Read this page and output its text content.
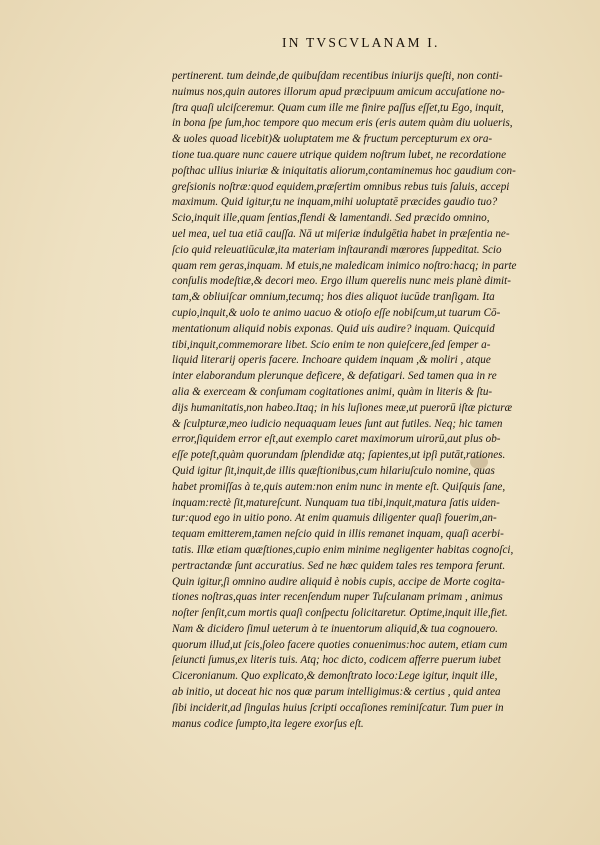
IN TVSCVLANAM I.
pertinerent. tum deinde,de quibuſdam recentibus iniurijs queſti, non conti-
nuimus nos,quin autores illorum apud præcipuum amicum accuſatione no-
ſtra quaſi ulciſceremur. Quam cum ille me finire paſſus eſſet,tu Ego, inquit,
in bona ſpe ſum,hoc tempore quo mecum eris (eris autem quàm diu uolueris,
& uoles quoad licebit)& uoluptatem me & fructum percepturum ex ora-
tione tua.quare nunc cauere utrique quidem noſtrum lubet, ne recordatione
poſthac ullius iniuriæ & iniquitatis aliorum,contaminemus hoc gaudium con-
greſsionis noſtræ:quod equidem,præſertim omnibus rebus tuis ſaluis, accepi
maximum. Quid igitur,tu ne inquam,mihi uoluptatē præcides gaudio tuo?
Scio,inquit ille,quam ſentias,flendi & lamentandi. Sed præcido omnino,
uel mea, uel tua etiā cauſſa. Nā ut miſeriæ indulgētia habet in præſentia ne-
ſcio quid releuatiūculæ,ita materiam inſtaurandi mœrores ſuppeditat. Scio
quam rem geras,inquam. M etuis,ne maledicam inimico noſtro:hacq; in parte
conſulis modeſtiæ,& decori meo. Ergo illum querelis nunc meis planè dimit-
tam,& obliuiſcar omnium,tecumq; hos dies aliquot iucūde tranſigam. Ita
cupio,inquit,& uolo te animo uacuo & otioſo eſſe nobiſcum,ut tuarum Cō-
mentationum aliquid nobis exponas. Quid uis audire? inquam. Quicquid
tibi,inquit,commemorare libet. Scio enim te non quieſcere,ſed ſemper a-
liquid literarij operis facere. Inchoare quidem inquam ,& moliri , atque
inter elaborandum plerunque deficere, & defatigari. Sed tamen qua in re
alia & exerceam & conſumam cogitationes animi, quàm in literis & ſtu-
dijs humanitatis,non habeo.Itaq; in his luſiones meæ,ut puerorū iſtæ picturæ
& ſculpturæ,meo iudicio nequaquam leues ſunt aut futiles. Neq; hic tamen
error,ſiquidem error eſt,aut exemplo caret maximorum uirorū,aut plus ob-
eſſe poteſt,quàm quorundam ſplendidæ atq; ſapientes,ut ipſi putāt,rationes.
Quid igitur ſit,inquit,de illis quæſtionibus,cum hilariuſculo nomine, quas
habet promiſſas à te,quis autem:non enim nunc in mente eſt. Quiſquis ſane,
inquam:rectè ſit,matureſcunt. Nunquam tua tibi,inquit,matura ſatis uiden-
tur:quod ego in uitio pono. At enim quamuis diligenter quaſi fouerim,an-
tequam emitterem,tamen neſcio quid in illis remanet inquam, quaſi acerbi-
tatis. Illæ etiam quæſtiones,cupio enim minime negligenter habitas cognoſci,
pertractandæ ſunt accuratius. Sed ne hæc quidem tales res tempora ferunt.
Quin igitur,ſi omnino audire aliquid è nobis cupis, accipe de Morte cogita-
tiones noſtras,quas inter recenſendum nuper Tuſculanam primam , animus
noſter ſenſit,cum mortis quaſi conſpectu ſolicitaretur. Optime,inquit ille,fiet.
Nam & dicidero ſimul ueterum à te inuentorum aliquid,& tua cognouero.
quorum illud,ut ſcis,ſoleo facere quoties conuenimus:hoc autem, etiam cum
ſeiuncti ſumus,ex literis tuis. Atq; hoc dicto, codicem afferre puerum iubet
Ciceronianum. Quo explicato,& demonſtrato loco:Lege igitur, inquit ille,
ab initio, ut doceat hic nos quæ parum intelligimus:& certius , quid antea
ſibi inciderit,ad ſingulas huius ſcripti occaſiones reminiſcatur. Tum puer in
manus codice ſumpto,ita legere exorſus eſt.
